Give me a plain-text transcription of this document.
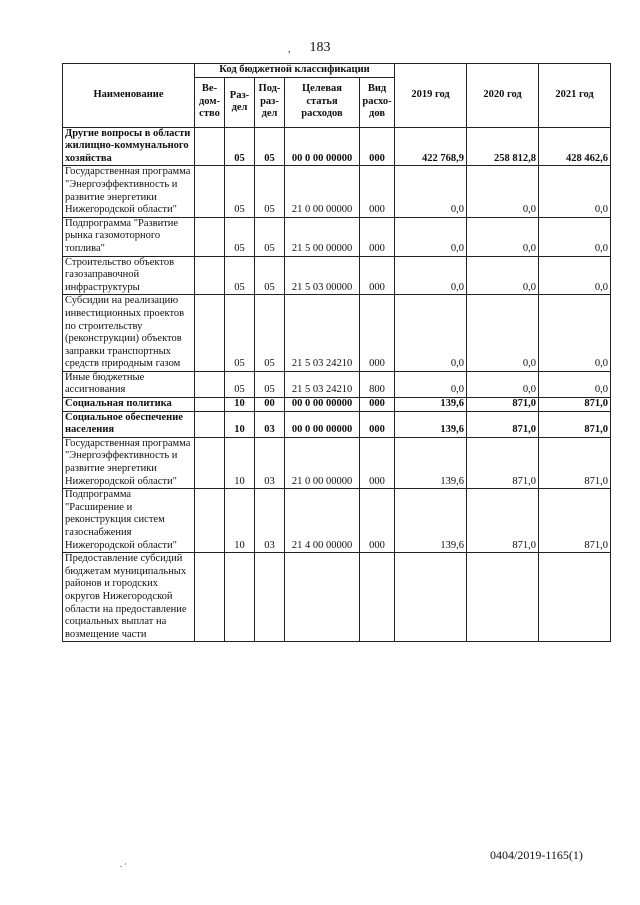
183
,
Наименование	Код бюджетной классификации					2019 год	2020 год	2021 год
	Ве- дом- ство	Раз- дел	Под- раз- дел	Целевая статья расходов	Вид расхо- дов			
Другие вопросы в области жилищно-коммунального хозяйства		05	05	00 0 00 00000	000	422 768,9	258 812,8	428 462,6
Государственная программа "Энергоэффективность и развитие энергетики Нижегородской области"		05	05	21 0 00 00000	000	0,0	0,0	0,0
Подпрограмма "Развитие рынка газомоторного топлива"		05	05	21 5 00 00000	000	0,0	0,0	0,0
Строительство объектов газозаправочной инфраструктуры		05	05	21 5 03 00000	000	0,0	0,0	0,0
Субсидии на реализацию инвестиционных проектов по строительству (реконструкции) объектов заправки транспортных средств природным газом		05	05	21 5 03 24210	000	0,0	0,0	0,0
Иные бюджетные ассигнования		05	05	21 5 03 24210	800	0,0	0,0	0,0
Социальная политика		10	00	00 0 00 00000	000	139,6	871,0	871,0
Социальное обеспечение населения		10	03	00 0 00 00000	000	139,6	871,0	871,0
Государственная программа "Энергоэффективность и развитие энергетики Нижегородской области"		10	03	21 0 00 00000	000	139,6	871,0	871,0
Подпрограмма "Расширение и реконструкция систем газоснабжения Нижегородской области"		10	03	21 4 00 00000	000	139,6	871,0	871,0
Предоставление субсидий бюджетам муниципальных районов и городских округов Нижегородской области на предоставление социальных выплат на возмещение части								
0404/2019-1165(1)
. ·
